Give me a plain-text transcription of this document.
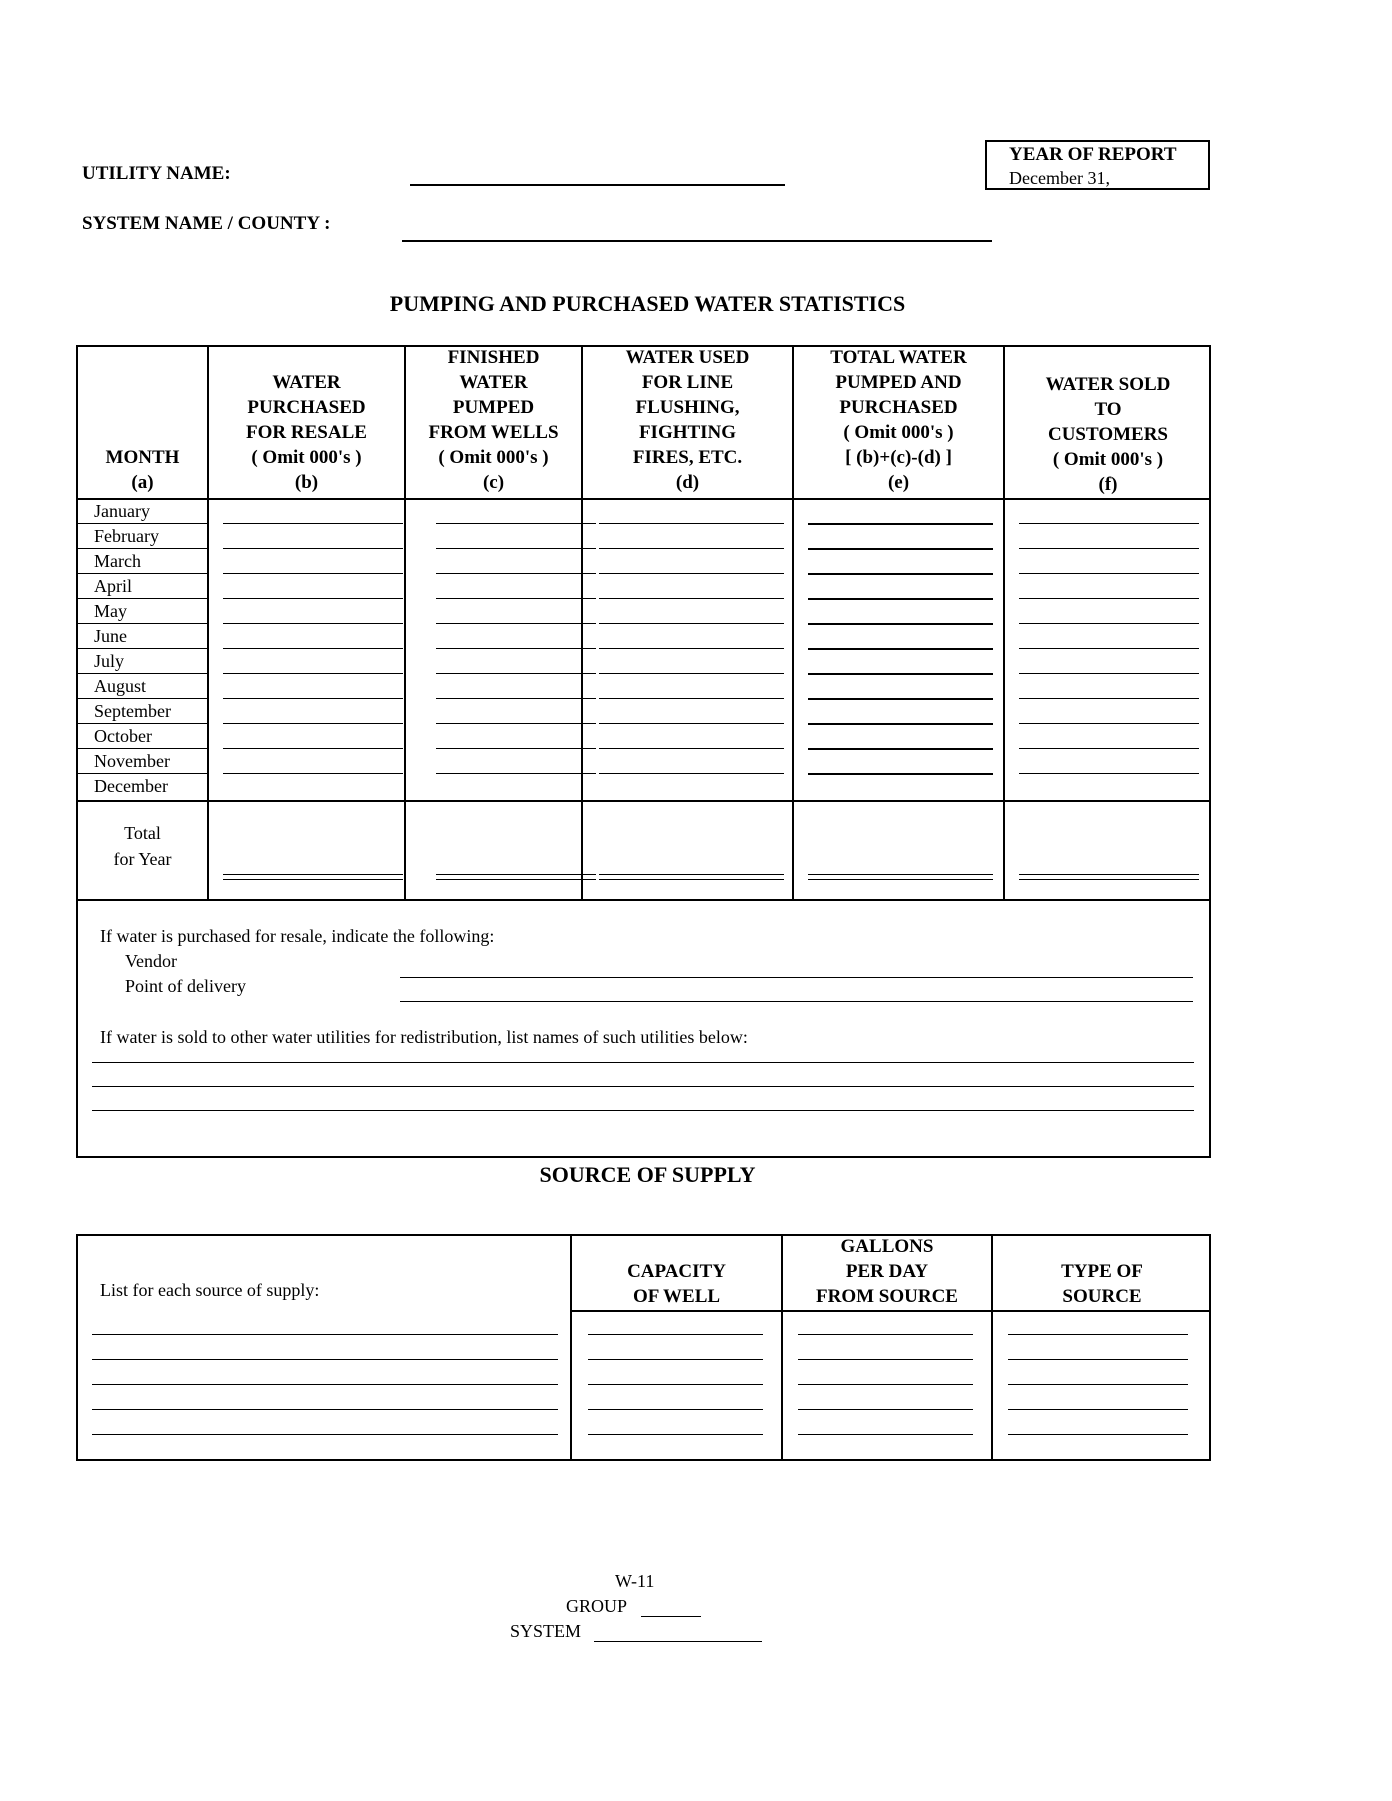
UTILITY NAME:
SYSTEM NAME / COUNTY :
YEAR OF REPORT
December 31,
PUMPING AND PURCHASED WATER STATISTICS
MONTH
(a)
WATER
PURCHASED
FOR RESALE
( Omit 000's )
(b)
FINISHED
WATER
PUMPED
FROM WELLS
( Omit 000's )
(c)
WATER USED
FOR LINE
FLUSHING,
FIGHTING
FIRES, ETC.
(d)
TOTAL WATER
PUMPED AND
PURCHASED
( Omit 000's )
[ (b)+(c)-(d) ]
(e)
WATER SOLD
TO
CUSTOMERS
( Omit 000's )
(f)
January
February
March
April
May
June
July
August
September
October
November
December
Total
for Year
If water is purchased for resale, indicate the following:
Vendor
Point of delivery
If water is sold to other water utilities for redistribution, list names of such utilities below:
SOURCE OF SUPPLY
List for each source of supply:
CAPACITY
OF WELL
GALLONS
PER DAY
FROM SOURCE
TYPE OF
SOURCE
W-11
GROUP
SYSTEM
